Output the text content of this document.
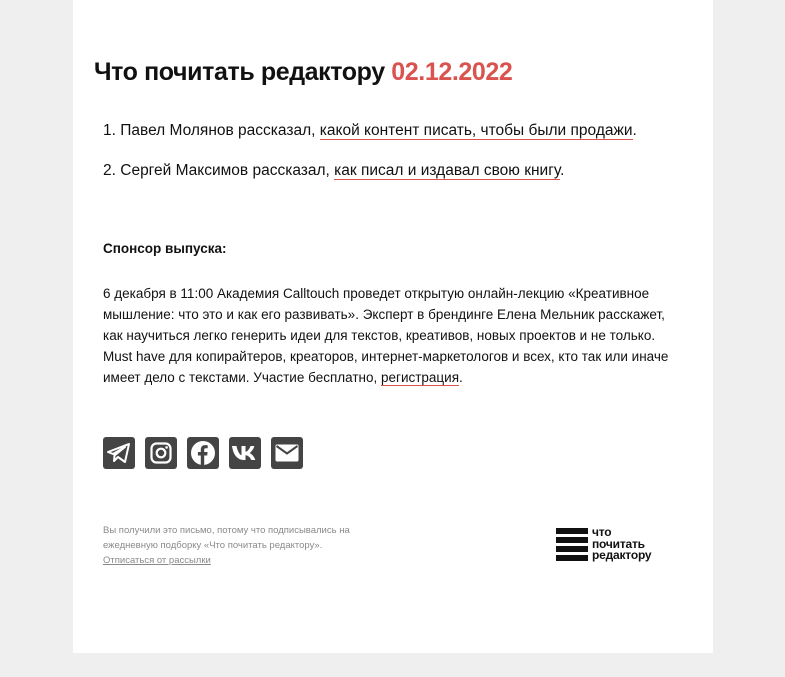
Что почитать редактору 02.12.2022
1. Павел Молянов рассказал, какой контент писать, чтобы были продажи.
2. Сергей Максимов рассказал, как писал и издавал свою книгу.
Спонсор выпуска:

6 декабря в 11:00 Академия Calltouch проведет открытую онлайн-лекцию «Креативное мышление: что это и как его развивать». Эксперт в брендинге Елена Мельник расскажет, как научиться легко генерить идеи для текстов, креативов, новых проектов и не только. Must have для копирайтеров, креаторов, интернет-маркетологов и всех, кто так или иначе имеет дело с текстами. Участие бесплатно, регистрация.

Вы получили это письмо, потому что подписывались на ежедневную подборку «Что почитать редактору».
Отписаться от рассылки
что
почитать
редактору
